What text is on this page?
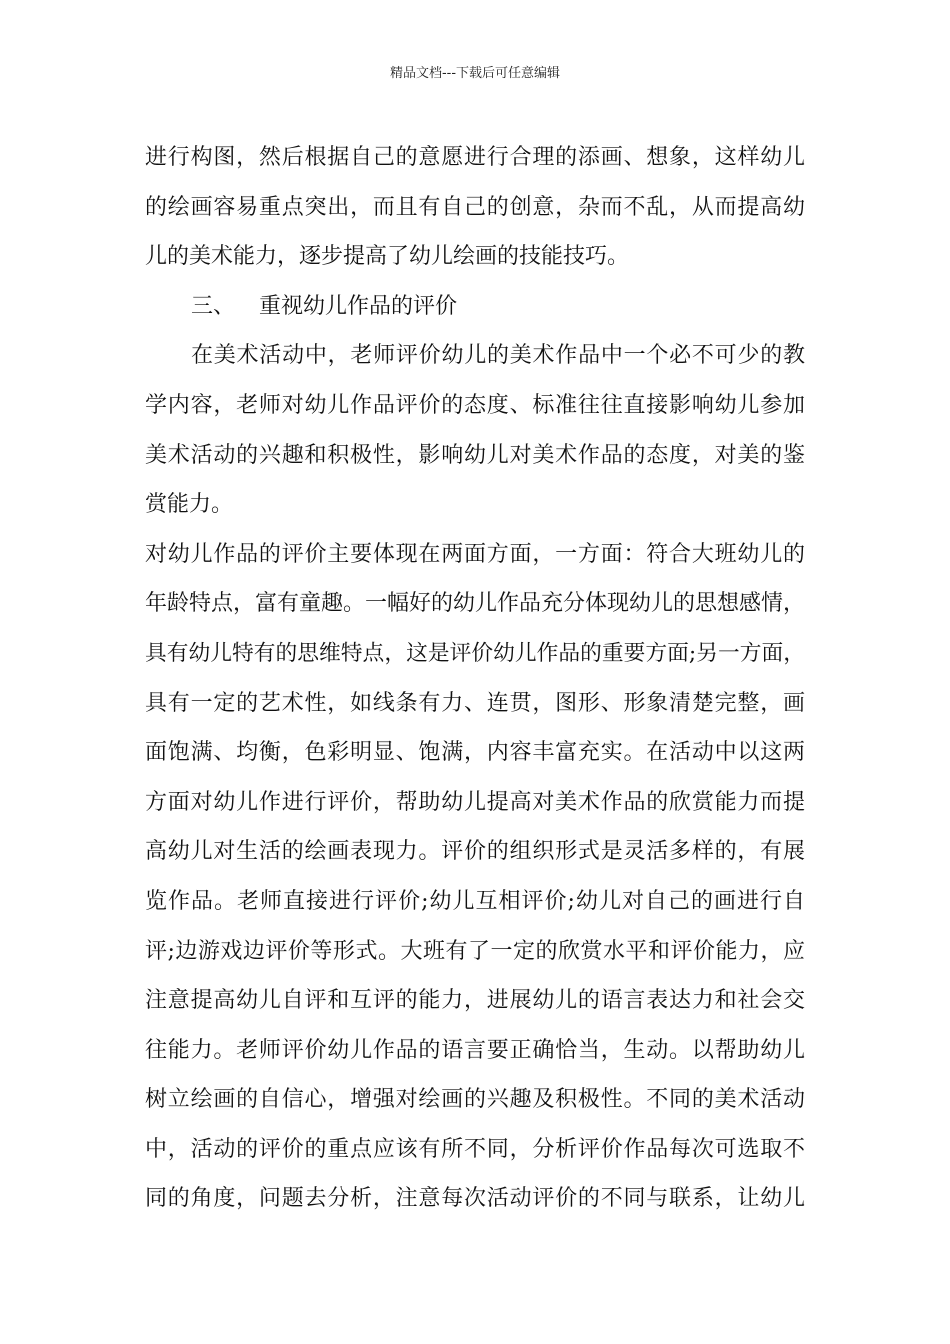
精品文档---下载后可任意编辑
进行构图，然后根据自己的意愿进行合理的添画、想象，这样幼儿
的绘画容易重点突出，而且有自己的创意，杂而不乱，从而提高幼
儿的美术能力，逐步提高了幼儿绘画的技能技巧。
三、 重视幼儿作品的评价
在美术活动中，老师评价幼儿的美术作品中一个必不可少的教
学内容，老师对幼儿作品评价的态度、标准往往直接影响幼儿参加
美术活动的兴趣和积极性，影响幼儿对美术作品的态度，对美的鉴
赏能力。
对幼儿作品的评价主要体现在两面方面，一方面：符合大班幼儿的
年龄特点，富有童趣。一幅好的幼儿作品充分体现幼儿的思想感情，
具有幼儿特有的思维特点，这是评价幼儿作品的重要方面;另一方面，
具有一定的艺术性，如线条有力、连贯，图形、形象清楚完整，画
面饱满、均衡，色彩明显、饱满，内容丰富充实。在活动中以这两
方面对幼儿作进行评价，帮助幼儿提高对美术作品的欣赏能力而提
高幼儿对生活的绘画表现力。评价的组织形式是灵活多样的，有展
览作品。老师直接进行评价;幼儿互相评价;幼儿对自己的画进行自
评;边游戏边评价等形式。大班有了一定的欣赏水平和评价能力，应
注意提高幼儿自评和互评的能力，进展幼儿的语言表达力和社会交
往能力。老师评价幼儿作品的语言要正确恰当，生动。以帮助幼儿
树立绘画的自信心，增强对绘画的兴趣及积极性。不同的美术活动
中，活动的评价的重点应该有所不同，分析评价作品每次可选取不
同的角度，问题去分析，注意每次活动评价的不同与联系，让幼儿
